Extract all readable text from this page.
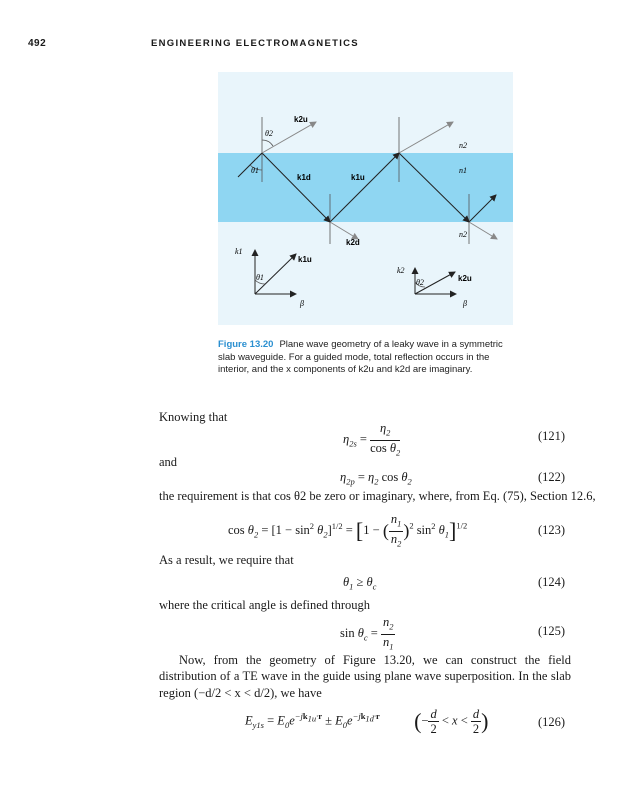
492	ENGINEERING ELECTROMAGNETICS
k2u
θ2
θ1
k1d	k1u
n2
n1
n2
k2d
k1
k1u
θ1
β
k2
k2u
θ2
β
Figure 13.20 Plane wave geometry of a leaky wave in a symmetric slab waveguide. For a guided mode, total reflection occurs in the interior, and the x components of k2u and k2d are imaginary.
Knowing that
$\eta_{2s} = \frac{\eta_2}{\cos \theta_2}$	(121)
and
$\eta_{2p} = \eta_2$ $\cos \theta_2$	(122)
the requirement is that cos θ2 be zero or imaginary, where, from Eq. (75), Section 12.6,
$\cos \theta_2 = [1 - \sin^2 \theta_2]^{1/2} = [1$ − ( $\frac{n_1}{n_2} )^2$ $\sin^2 \theta_1]^{1/2}$	(123)
As a result, we require that
$\theta_1 \ge \theta_c$	(124)
where the critical angle is defined through
$\sin \theta_c = \frac{n_2}{n_1}$	(125)
Now, from the geometry of Figure 13.20, we can construct the field distribution of a TE wave in the guide using plane wave superposition. In the slab region (−d/2 < x < d/2), we have
$E_{y1s} = E_0e^{-jk_{1u}\cdot r} \pm E_0e^{-jk_{1d}\cdot r}$ (− $\frac{d}{2} < x < \frac{d}{2}$ )	(126)
